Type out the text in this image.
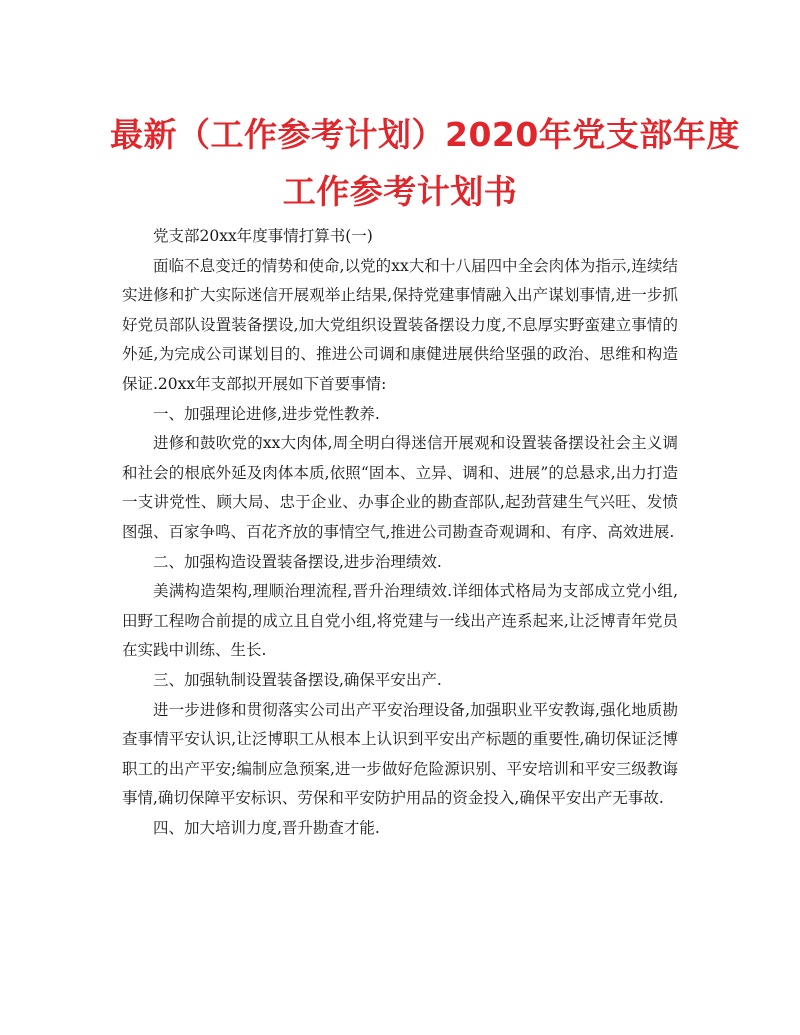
最新（工作参考计划）2020年党支部年度
工作参考计划书

党支部20xx年度事情打算书(一)

面临不息变迁的情势和使命,以党的xx大和十八届四中全会肉体为指示,连续结实进修和扩大实际迷信开展观举止结果,保持党建事情融入出产谋划事情,进一步抓好党员部队设置装备摆设,加大党组织设置装备摆设力度,不息厚实野蛮建立事情的外延,为完成公司谋划目的、推进公司调和康健进展供给坚强的政治、思维和构造保证.20xx年支部拟开展如下首要事情:

一、加强理论进修,进步党性教养.

进修和鼓吹党的xx大肉体,周全明白得迷信开展观和设置装备摆设社会主义调和社会的根底外延及肉体本质,依照“固本、立异、调和、进展”的总悬求,出力打造一支讲党性、顾大局、忠于企业、办事企业的勘查部队,起劲营建生气兴旺、发愤图强、百家争鸣、百花齐放的事情空气,推进公司勘查奇观调和、有序、高效进展.

二、加强构造设置装备摆设,进步治理绩效.

美满构造架构,理顺治理流程,晋升治理绩效.详细体式格局为支部成立党小组,田野工程吻合前提的成立且自党小组,将党建与一线出产连系起来,让泛博青年党员在实践中训练、生长.

三、加强轨制设置装备摆设,确保平安出产.

进一步进修和贯彻落实公司出产平安治理设备,加强职业平安教诲,强化地质勘查事情平安认识,让泛博职工从根本上认识到平安出产标题的重要性,确切保证泛博职工的出产平安;编制应急预案,进一步做好危险源识别、平安培训和平安三级教诲事情,确切保障平安标识、劳保和平安防护用品的资金投入,确保平安出产无事故.

四、加大培训力度,晋升勘查才能.
